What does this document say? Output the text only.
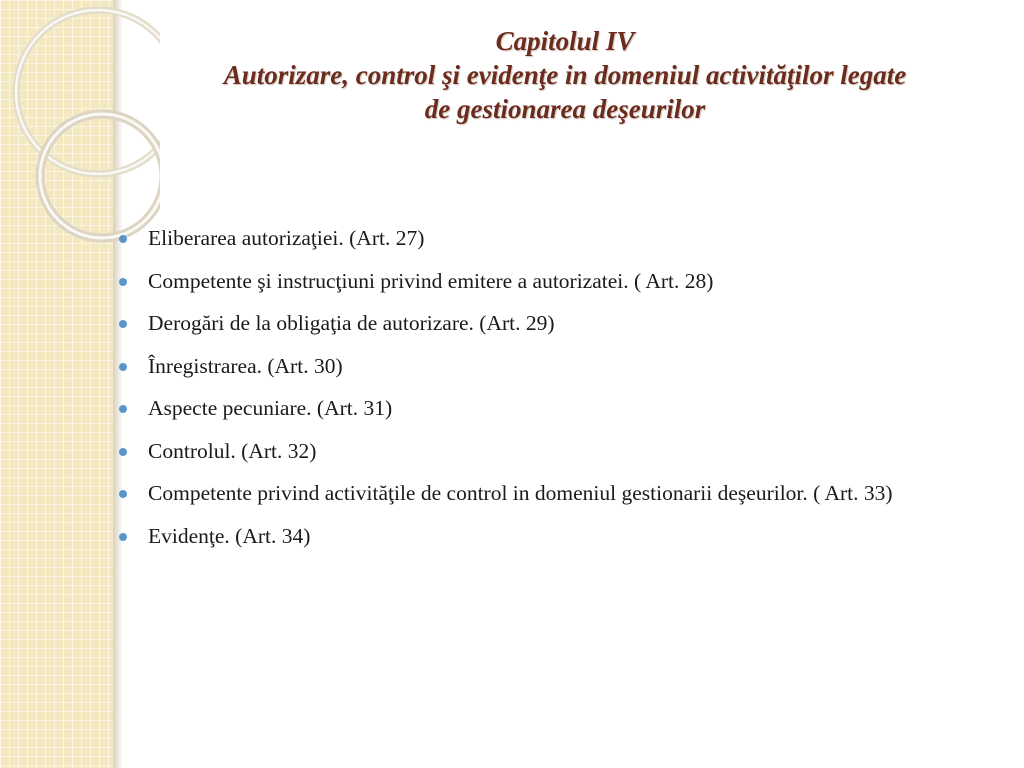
Capitolul IV
Autorizare, control şi evidenţe in domeniul activităţilor legate
de gestionarea deşeurilor
Eliberarea autorizaţiei. (Art. 27)
Competente şi instrucţiuni privind emitere a autorizatei. ( Art. 28)
Derogări de la obligaţia de autorizare. (Art. 29)
Înregistrarea. (Art. 30)
Aspecte pecuniare. (Art. 31)
Controlul. (Art. 32)
Competente privind activităţile de control in domeniul gestionarii deşeurilor. ( Art. 33)
Evidenţe. (Art. 34)
